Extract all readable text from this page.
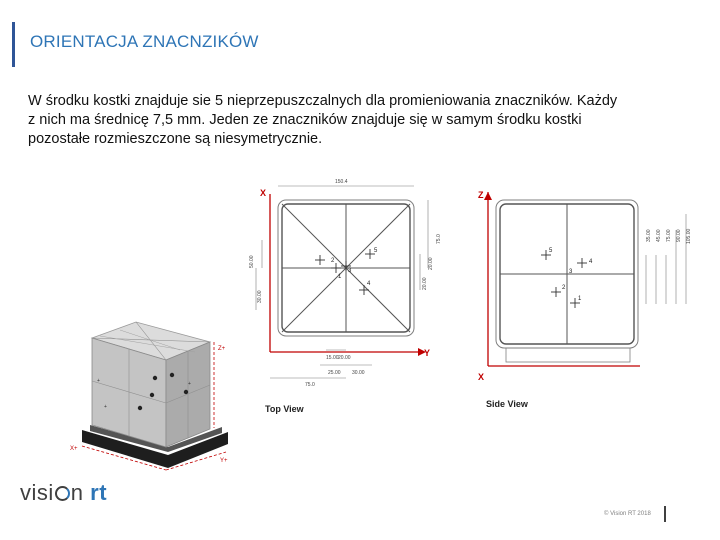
ORIENTACJA ZNACNZIKÓW
W środku kostki znajduje sie 5 nieprzepuszczalnych dla promieniowania znaczników. Każdy
z nich ma średnicę 7,5 mm. Jeden ze znaczników znajduje się w samym środku kostki
pozostałe rozmieszczone są niesymetrycznie.
+
+
+
X+
Y+
Z+
1
2
3
4
5
X
Y
150.4
75.0
20.00
20.00
50.00
30.00
15.00 20.00
25.00 30.00
75.0
Top View
5
4
3
2
1
Z
X
35.00 45.00 75.00 90.00 105.00
Side View
visi n rt
© Vision RT 2018
